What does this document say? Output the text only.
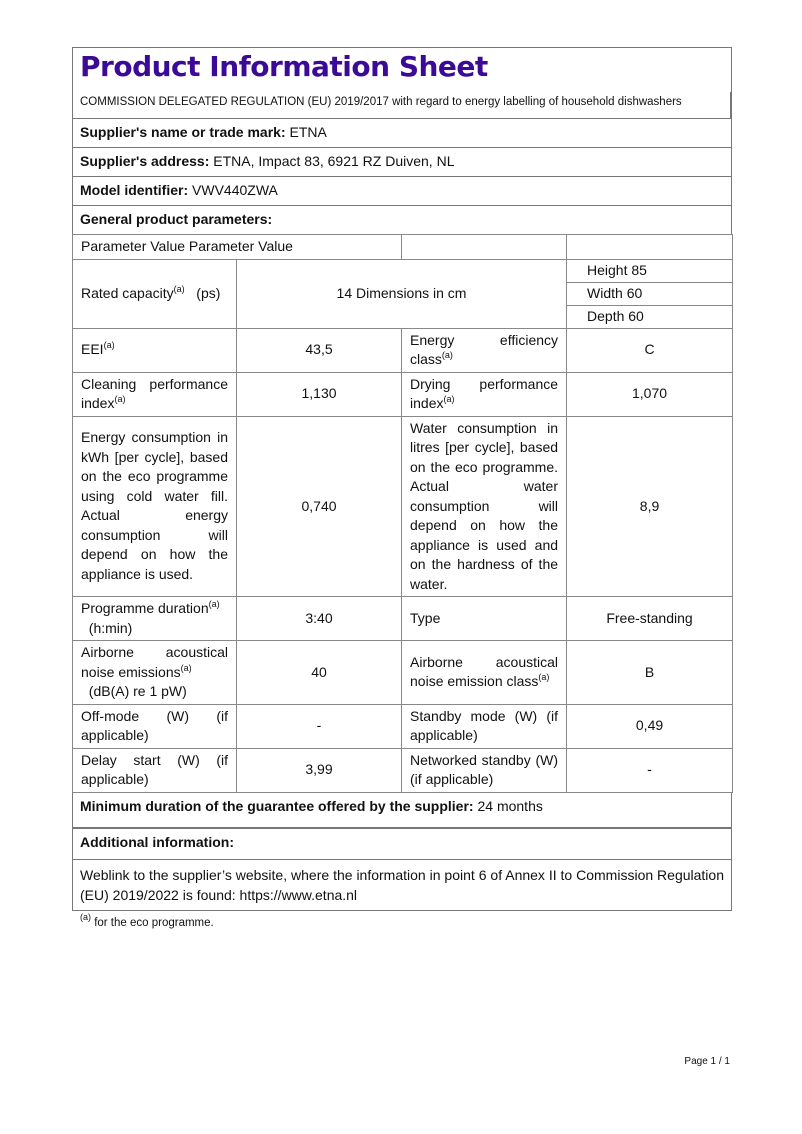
Product Information Sheet
COMMISSION DELEGATED REGULATION (EU) 2019/2017 with regard to energy labelling of household dishwashers
Supplier's name or trade mark: ETNA
Supplier's address: ETNA, Impact 83, 6921 RZ Duiven, NL
Model identifier: VWV440ZWA
General product parameters:
Parameter Value Parameter Value			
Rated capacity$^{(a)}$ (ps)	14 Dimensions in cm		Height 85
			Width 60
			Depth 60
EEI$^{(a)}$	43,5	Energy efficiency class$^{(a)}$	C
Cleaning performance index$^{(a)}$	1,130	Drying performance index$^{(a)}$	1,070
Energy consumption in kWh [per cycle], based on the eco programme using cold water fill. Actual energy consumption will depend on how the appliance is used.	0,740	Water consumption in litres [per cycle], based on the eco programme. Actual water consumption will depend on how the appliance is used and on the hardness of the water.	8,9
Programme duration$^{(a)}$
(h:min)	3:40	Type	Free-standing
Airborne acoustical noise emissions$^{(a)}$
(dB(A) re 1 pW)	40	Airborne acoustical noise emission class$^{(a)}$	B
Off-mode (W) (if applicable)	-	Standby mode (W) (if applicable)	0,49
Delay start (W) (if applicable)	3,99	Networked standby (W) (if applicable)	-
Minimum duration of the guarantee offered by the supplier: 24 months
Additional information:
Weblink to the supplier’s website, where the information in point 6 of Annex II to Commission Regulation (EU) 2019/2022 is found: https://www.etna.nl
$^{(a)}$ for the eco programme.
Page 1 / 1
